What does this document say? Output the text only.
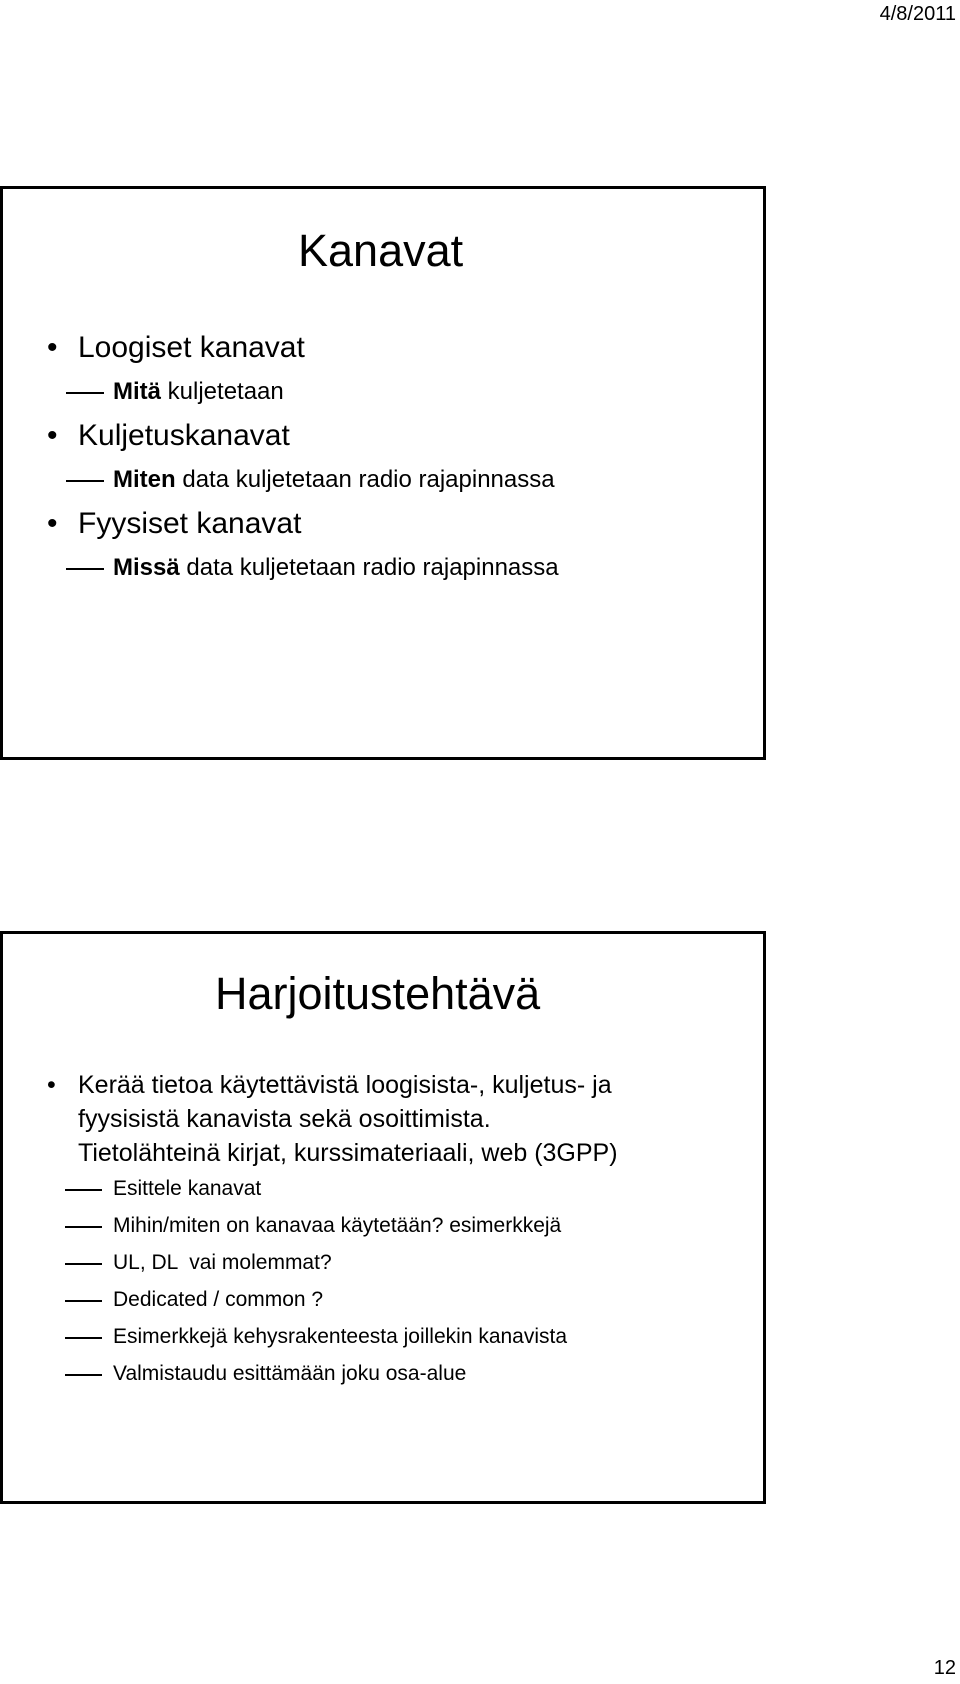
4/8/2011
Kanavat
• Loogiset kanavat
Mitä kuljetetaan
• Kuljetuskanavat
Miten data kuljetetaan radio rajapinnassa
• Fyysiset kanavat
Missä data kuljetetaan radio rajapinnassa
Harjoitustehtävä
• Kerää tietoa käytettävistä loogisista-, kuljetus- ja
fyysisistä kanavista sekä osoittimista.
Tietolähteinä kirjat, kurssimateriaali, web (3GPP)
Esittele kanavat
Mihin/miten on kanavaa käytetään? esimerkkejä
UL, DL  vai molemmat?
Dedicated / common ?
Esimerkkejä kehysrakenteesta joillekin kanavista
Valmistaudu esittämään joku osa-alue
12
